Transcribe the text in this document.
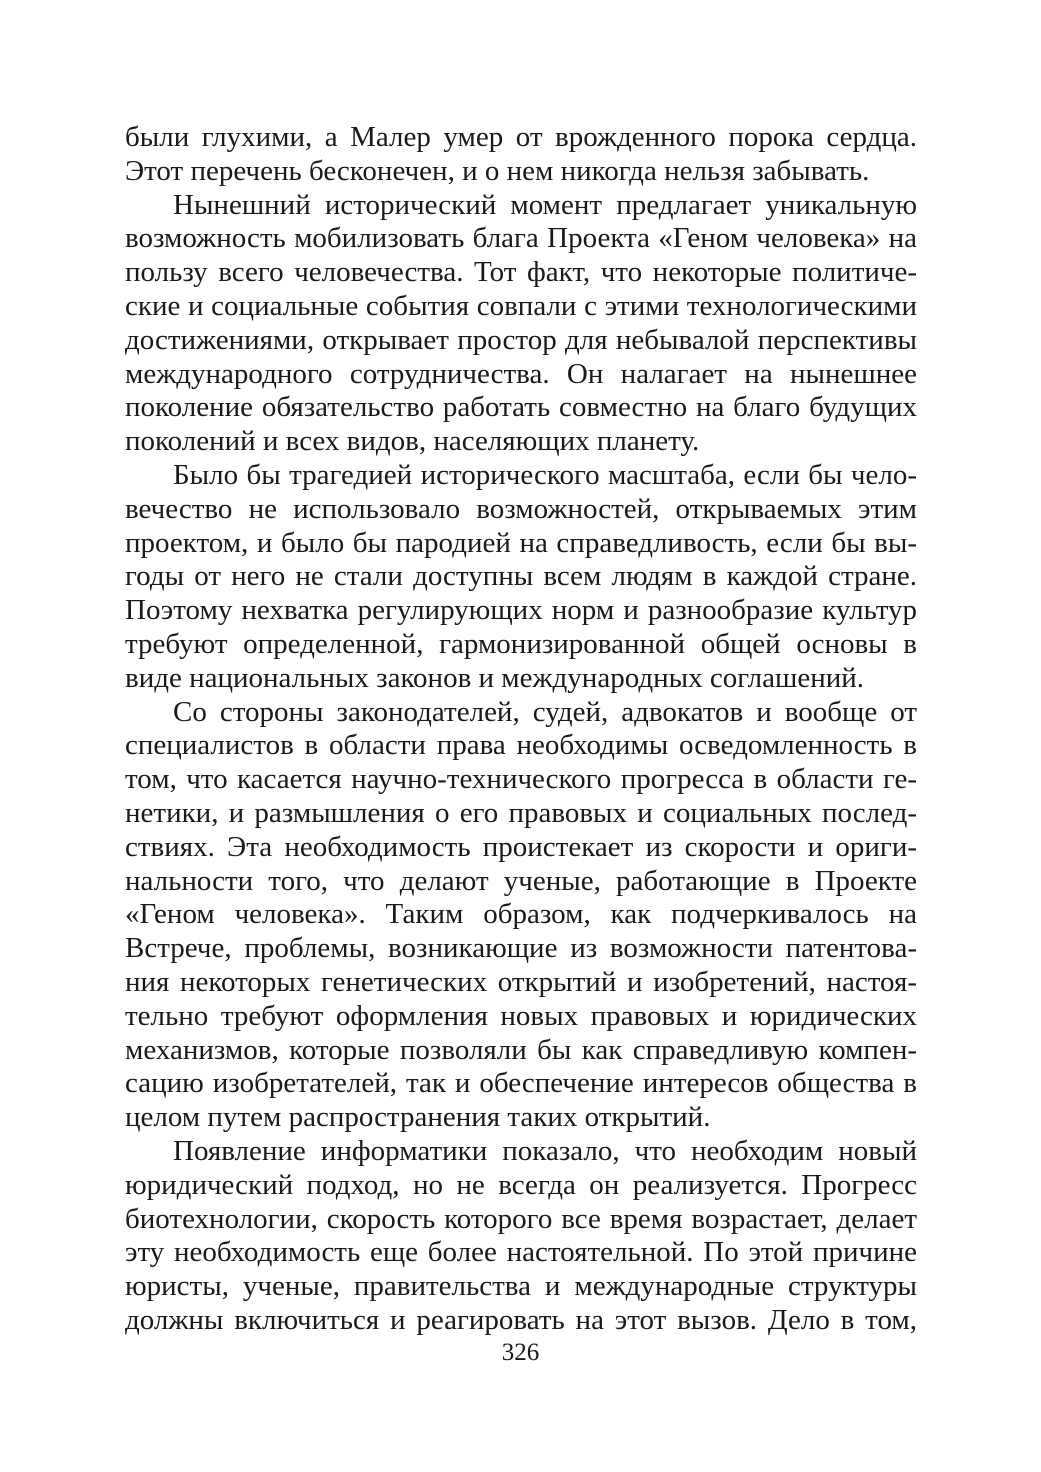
были глухими, а Малер умер от врожденного порока сердца.
Этот перечень бесконечен, и о нем никогда нельзя забывать.
Нынешний исторический момент предлагает уникальную
возможность мобилизовать блага Проекта «Геном человека» на
пользу всего человечества. Тот факт, что некоторые политиче-
ские и социальные события совпали с этими технологическими
достижениями, открывает простор для небывалой перспективы
международного сотрудничества. Он налагает на нынешнее
поколение обязательство работать совместно на благо будущих
поколений и всех видов, населяющих планету.
Было бы трагедией исторического масштаба, если бы чело-
вечество не использовало возможностей, открываемых этим
проектом, и было бы пародией на справедливость, если бы вы-
годы от него не стали доступны всем людям в каждой стране.
Поэтому нехватка регулирующих норм и разнообразие культур
требуют определенной, гармонизированной общей основы в
виде национальных законов и международных соглашений.
Со стороны законодателей, судей, адвокатов и вообще от
специалистов в области права необходимы осведомленность в
том, что касается научно-технического прогресса в области ге-
нетики, и размышления о его правовых и социальных послед-
ствиях. Эта необходимость проистекает из скорости и ориги-
нальности того, что делают ученые, работающие в Проекте
«Геном человека». Таким образом, как подчеркивалось на
Встрече, проблемы, возникающие из возможности патентова-
ния некоторых генетических открытий и изобретений, настоя-
тельно требуют оформления новых правовых и юридических
механизмов, которые позволяли бы как справедливую компен-
сацию изобретателей, так и обеспечение интересов общества в
целом путем распространения таких открытий.
Появление информатики показало, что необходим новый
юридический подход, но не всегда он реализуется. Прогресс
биотехнологии, скорость которого все время возрастает, делает
эту необходимость еще более настоятельной. По этой причине
юристы, ученые, правительства и международные структуры
должны включиться и реагировать на этот вызов. Дело в том,
326
